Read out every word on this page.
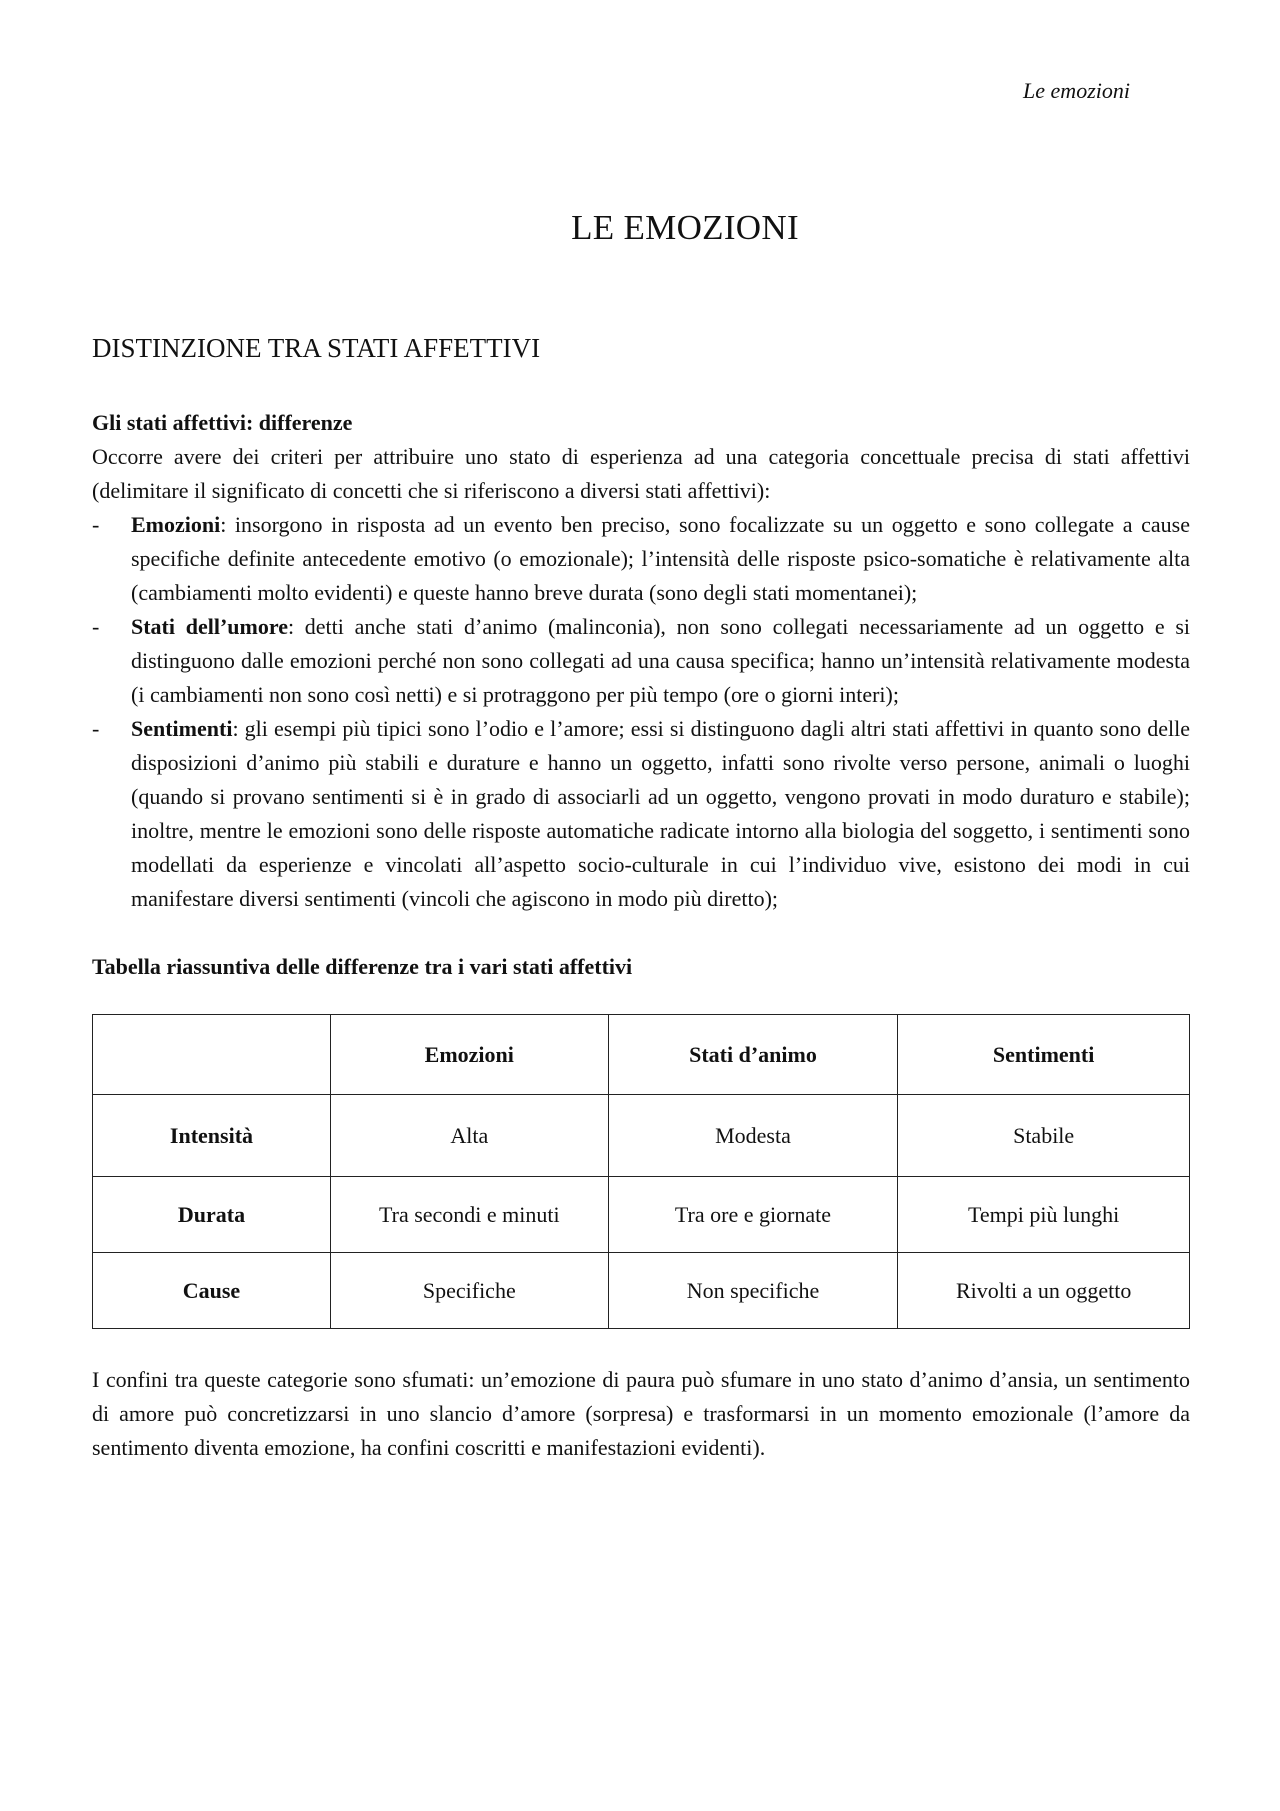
Le emozioni
LE EMOZIONI
DISTINZIONE TRA STATI AFFETTIVI

Gli stati affettivi: differenze

Occorre avere dei criteri per attribuire uno stato di esperienza ad una categoria concettuale precisa di stati affettivi (delimitare il significato di concetti che si riferiscono a diversi stati affettivi):

- Emozioni: insorgono in risposta ad un evento ben preciso, sono focalizzate su un oggetto e sono collegate a cause specifiche definite antecedente emotivo (o emozionale); l’intensità delle risposte psico-somatiche è relativamente alta (cambiamenti molto evidenti) e queste hanno breve durata (sono degli stati momentanei);
- Stati dell’umore: detti anche stati d’animo (malinconia), non sono collegati necessariamente ad un oggetto e si distinguono dalle emozioni perché non sono collegati ad una causa specifica; hanno un’intensità relativamente modesta (i cambiamenti non sono così netti) e si protraggono per più tempo (ore o giorni interi);
- Sentimenti: gli esempi più tipici sono l’odio e l’amore; essi si distinguono dagli altri stati affettivi in quanto sono delle disposizioni d’animo più stabili e durature e hanno un oggetto, infatti sono rivolte verso persone, animali o luoghi (quando si provano sentimenti si è in grado di associarli ad un oggetto, vengono provati in modo duraturo e stabile); inoltre, mentre le emozioni sono delle risposte automatiche radicate intorno alla biologia del soggetto, i sentimenti sono modellati da esperienze e vincolati all’aspetto socio-culturale in cui l’individuo vive, esistono dei modi in cui manifestare diversi sentimenti (vincoli che agiscono in modo più diretto);

Tabella riassuntiva delle differenze tra i vari stati affettivi

	Emozioni	Stati d’animo	Sentimenti
Intensità	Alta	Modesta	Stabile
Durata	Tra secondi e minuti	Tra ore e giornate	Tempi più lunghi
Cause	Specifiche	Non specifiche	Rivolti a un oggetto

I confini tra queste categorie sono sfumati: un’emozione di paura può sfumare in uno stato d’animo d’ansia, un sentimento di amore può concretizzarsi in uno slancio d’amore (sorpresa) e trasformarsi in un momento emozionale (l’amore da sentimento diventa emozione, ha confini coscritti e manifestazioni evidenti).
